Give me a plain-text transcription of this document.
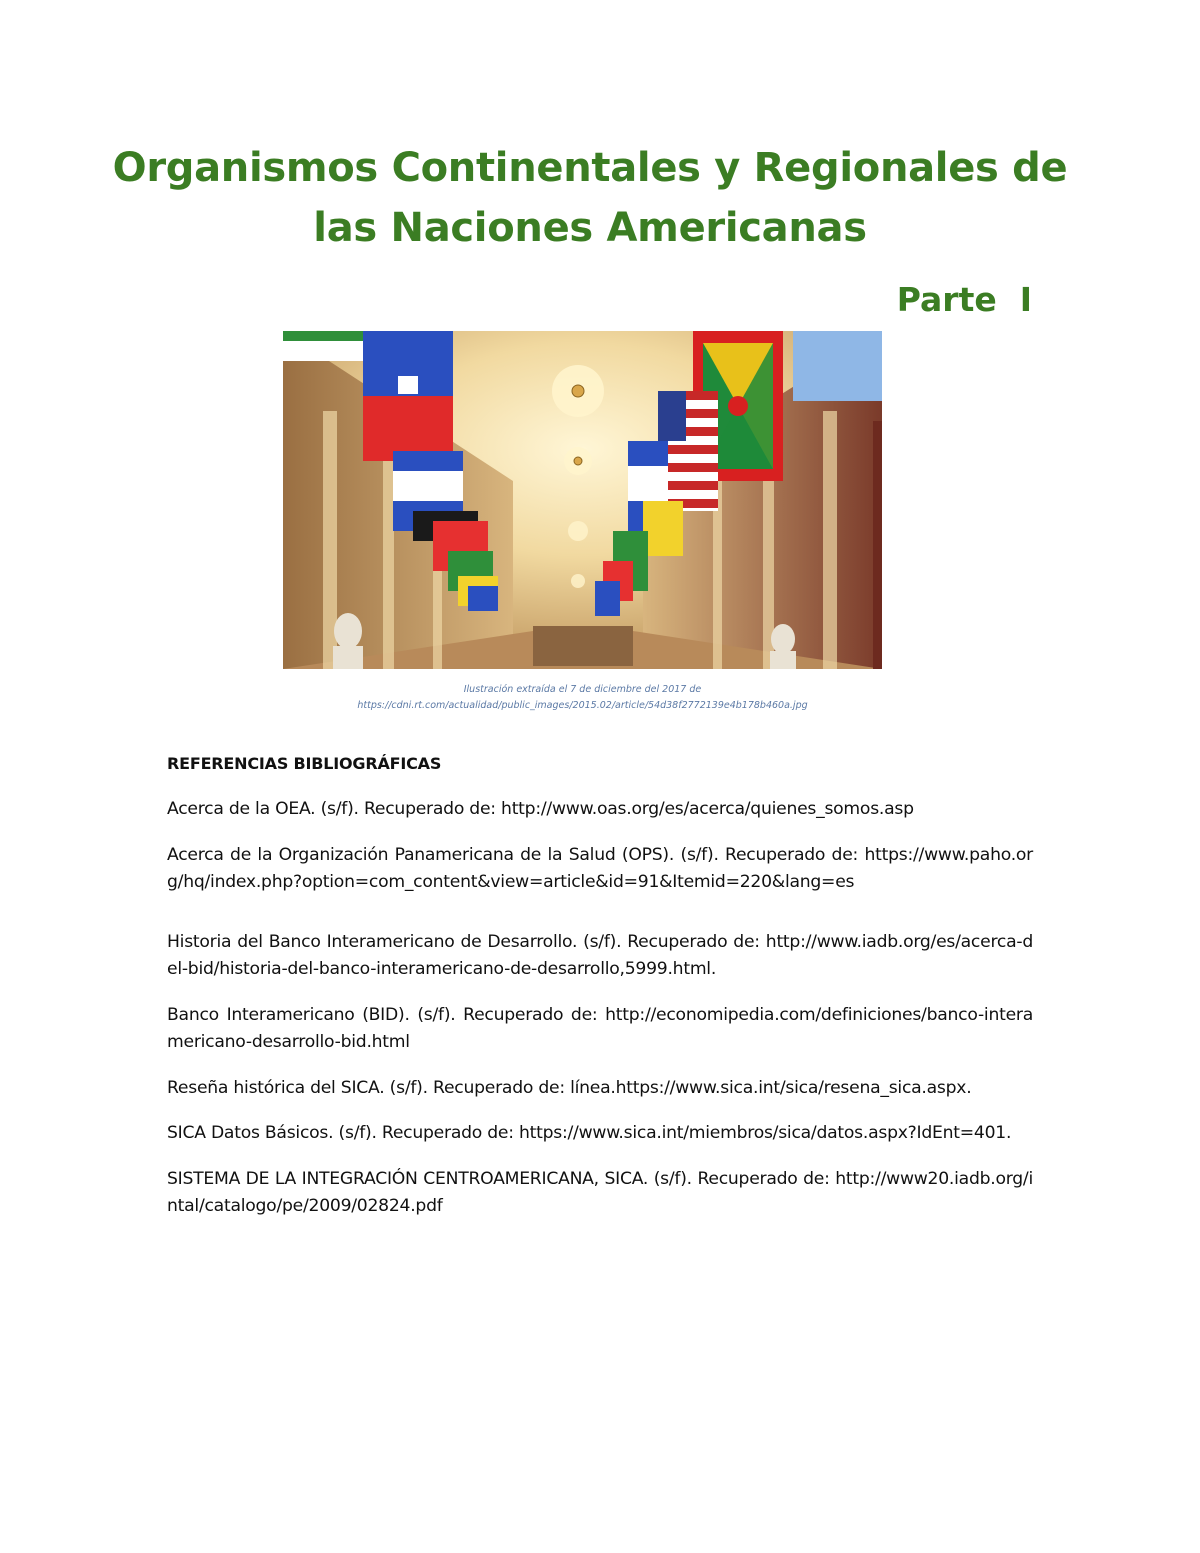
Organismos Continentales y Regionales de
las Naciones Americanas
Parte  I
Ilustración extraída el 7 de diciembre del 2017 de
https://cdni.rt.com/actualidad/public_images/2015.02/article/54d38f2772139e4b178b460a.jpg
REFERENCIAS BIBLIOGRÁFICAS

Acerca de la OEA. (s/f). Recuperado de: http://www.oas.org/es/acerca/quienes_somos.asp

Acerca de la Organización Panamericana de la Salud (OPS). (s/f). Recuperado de: https://www.paho.org/hq/index.php?option=com_content&view=article&id=91&Itemid=220&lang=es

Historia del Banco Interamericano de Desarrollo. (s/f). Recuperado de: http://www.iadb.org/es/acerca-del-bid/historia-del-banco-interamericano-de-desarrollo,5999.html.

Banco Interamericano (BID). (s/f). Recuperado de: http://economipedia.com/definiciones/banco-interamericano-desarrollo-bid.html

Reseña histórica del SICA. (s/f). Recuperado de: línea.https://www.sica.int/sica/resena_sica.aspx.

SICA Datos Básicos. (s/f). Recuperado de: https://www.sica.int/miembros/sica/datos.aspx?IdEnt=401.

SISTEMA DE LA INTEGRACIÓN CENTROAMERICANA, SICA. (s/f). Recuperado de: http://www20.iadb.org/intal/catalogo/pe/2009/02824.pdf
